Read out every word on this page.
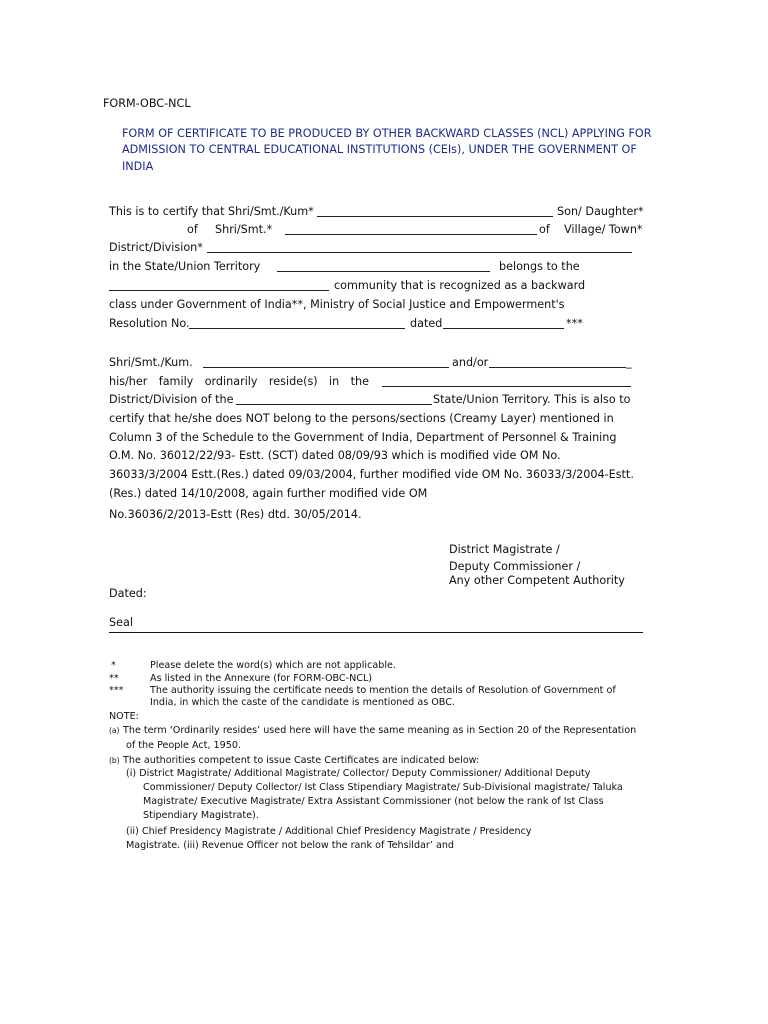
FORM-OBC-NCL
FORM OF CERTIFICATE TO BE PRODUCED BY OTHER BACKWARD CLASSES (NCL) APPLYING FOR
ADMISSION TO CENTRAL EDUCATIONAL INSTITUTIONS (CEIs), UNDER THE GOVERNMENT OF
INDIA
This is to certify that Shri/Smt./Kum*	Son/ Daughter*
of Shri/Smt.*	of Village/ Town*
District/Division*
in the State/Union Territory	belongs to the
community that is recognized as a backward
class under Government of India**, Ministry of Social Justice and Empowerment's
Resolution No.	dated	***
Shri/Smt./Kum.	and/or	_
his/her family ordinarily reside(s) in the
District/Division of the	State/Union Territory. This is also to
certify that he/she does NOT belong to the persons/sections (Creamy Layer) mentioned in
Column 3 of the Schedule to the Government of India, Department of Personnel & Training
O.M. No. 36012/22/93- Estt. (SCT) dated 08/09/93 which is modified vide OM No.
36033/3/2004 Estt.(Res.) dated 09/03/2004, further modified vide OM No. 36033/3/2004-Estt.
(Res.) dated 14/10/2008, again further modified vide OM
No.36036/2/2013-Estt (Res) dtd. 30/05/2014.
District Magistrate /
Deputy Commissioner /
Any other Competent Authority
Dated:
Seal
*	Please delete the word(s) which are not applicable.
**	As listed in the Annexure (for FORM-OBC-NCL)
***	The authority issuing the certificate needs to mention the details of Resolution of Government of
India, in which the caste of the candidate is mentioned as OBC.
NOTE:
(a) The term ‘Ordinarily resides’ used here will have the same meaning as in Section 20 of the Representation
of the People Act, 1950.
(b) The authorities competent to issue Caste Certificates are indicated below:
(i) District Magistrate/ Additional Magistrate/ Collector/ Deputy Commissioner/ Additional Deputy
Commissioner/ Deputy Collector/ Ist Class Stipendiary Magistrate/ Sub-Divisional magistrate/ Taluka
Magistrate/ Executive Magistrate/ Extra Assistant Commissioner (not below the rank of Ist Class
Stipendiary Magistrate).
(ii) Chief Presidency Magistrate / Additional Chief Presidency Magistrate / Presidency
Magistrate. (iii) Revenue Officer not below the rank of Tehsildar’ and
